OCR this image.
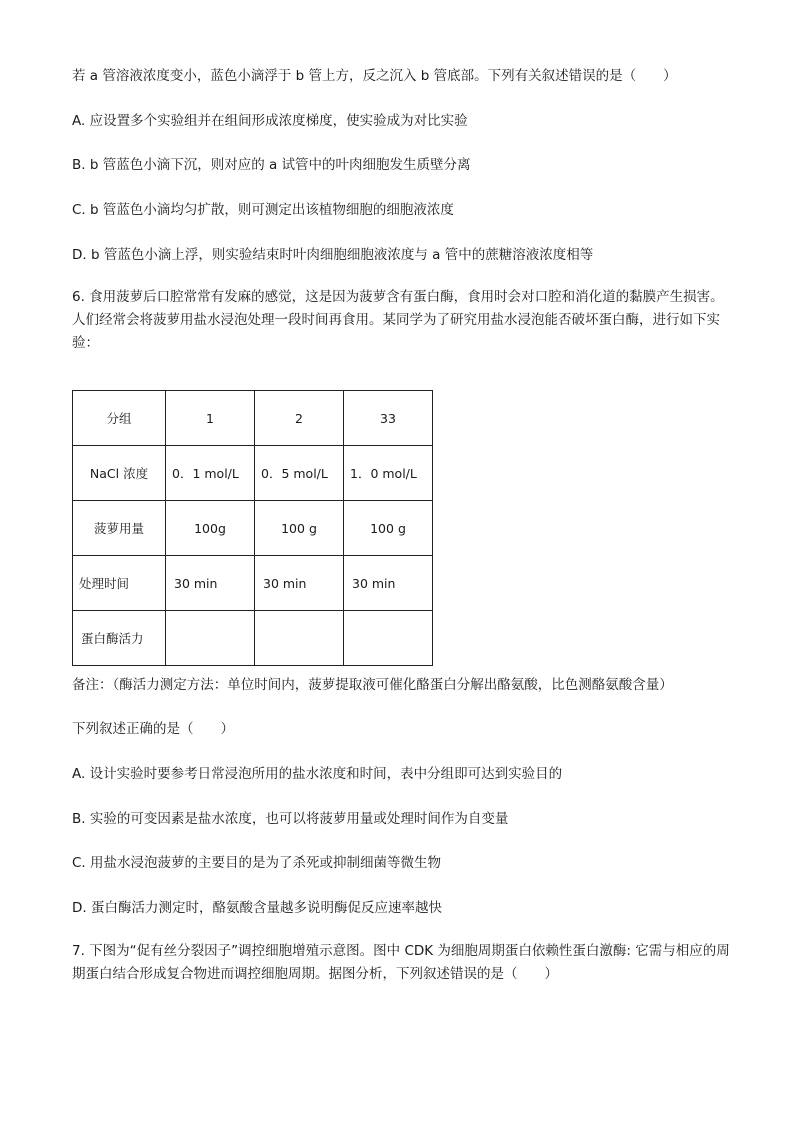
若 a 管溶液浓度变小，蓝色小滴浮于 b 管上方，反之沉入 b 管底部。下列有关叙述错误的是（　　）
A. 应设置多个实验组并在组间形成浓度梯度，使实验成为对比实验
B. b 管蓝色小滴下沉，则对应的 a 试管中的叶肉细胞发生质壁分离
C. b 管蓝色小滴均匀扩散，则可测定出该植物细胞的细胞液浓度
D. b 管蓝色小滴上浮，则实验结束时叶肉细胞细胞液浓度与 a 管中的蔗糖溶液浓度相等
6. 食用菠萝后口腔常常有发麻的感觉，这是因为菠萝含有蛋白酶，食用时会对口腔和消化道的黏膜产生损害。人们经常会将菠萝用盐水浸泡处理一段时间再食用。某同学为了研究用盐水浸泡能否破坏蛋白酶，进行如下实验：
分组	1	2	33
NaCl 浓度	0．1 mol/L	0．5 mol/L	1．0 mol/L
菠萝用量	100g	100 g	100 g
处理时间	30 min	30 min	30 min
蛋白酶活力			
备注：（酶活力测定方法：单位时间内，菠萝提取液可催化酪蛋白分解出酪氨酸，比色测酪氨酸含量）
下列叙述正确的是（　　）
A. 设计实验时要参考日常浸泡所用的盐水浓度和时间，表中分组即可达到实验目的
B. 实验的可变因素是盐水浓度，也可以将菠萝用量或处理时间作为自变量
C. 用盐水浸泡菠萝的主要目的是为了杀死或抑制细菌等微生物
D. 蛋白酶活力测定时，酪氨酸含量越多说明酶促反应速率越快
7. 下图为“促有丝分裂因子”调控细胞增殖示意图。图中 CDK 为细胞周期蛋白依赖性蛋白激酶: 它需与相应的周期蛋白结合形成复合物进而调控细胞周期。据图分析，下列叙述错误的是（　　）
